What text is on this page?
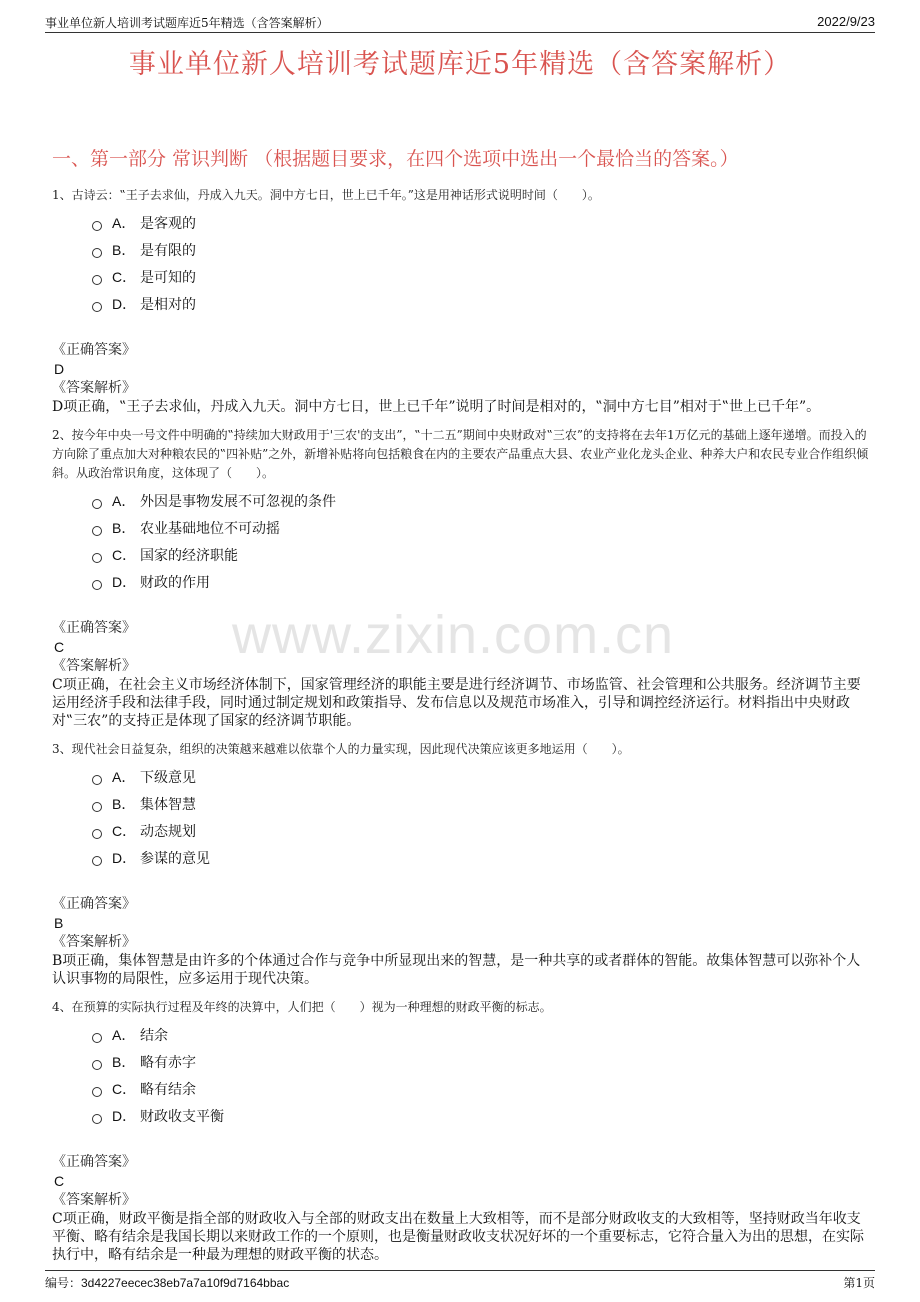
事业单位新人培训考试题库近5年精选（含答案解析）	2022/9/23
事业单位新人培训考试题库近5年精选（含答案解析）
一、第一部分 常识判断 （根据题目要求，在四个选项中选出一个最恰当的答案。）
www.zixin.com.cn
1、古诗云：‟王子去求仙，丹成入九天。洞中方七日，世上已千年。”这是用神话形式说明时间（　　）。
A． 是客观的
B． 是有限的
C． 是可知的
D． 是相对的
《正确答案》
D
《答案解析》
D项正确，‟王子去求仙，丹成入九天。洞中方七日，世上已千年”说明了时间是相对的，‟洞中方七目”相对于‟世上已千年”。
2、按今年中央一号文件中明确的‟持续加大财政用于'三农'的支出”，‟十二五”期间中央财政对‟三农”的支持将在去年1万亿元的基础上逐年递增。而投入的方向除了重点加大对种粮农民的‟四补贴”之外，新增补贴将向包括粮食在内的主要农产品重点大县、农业产业化龙头企业、种养大户和农民专业合作组织倾斜。从政治常识角度，这体现了（　　）。
A． 外因是事物发展不可忽视的条件
B． 农业基础地位不可动摇
C． 国家的经济职能
D． 财政的作用
《正确答案》
C
《答案解析》
C项正确，在社会主义市场经济体制下，国家管理经济的职能主要是进行经济调节、市场监管、社会管理和公共服务。经济调节主要运用经济手段和法律手段，同时通过制定规划和政策指导、发布信息以及规范市场准入，引导和调控经济运行。材料指出中央财政对‟三农”的支持正是体现了国家的经济调节职能。
3、现代社会日益复杂，组织的决策越来越难以依靠个人的力量实现，因此现代决策应该更多地运用（　　）。
A． 下级意见
B． 集体智慧
C． 动态规划
D． 参谋的意见
《正确答案》
B
《答案解析》
B项正确，集体智慧是由许多的个体通过合作与竞争中所显现出来的智慧，是一种共享的或者群体的智能。故集体智慧可以弥补个人认识事物的局限性，应多运用于现代决策。
4、在预算的实际执行过程及年终的决算中，人们把（　　）视为一种理想的财政平衡的标志。
A． 结余
B． 略有赤字
C． 略有结余
D． 财政收支平衡
《正确答案》
C
《答案解析》
C项正确，财政平衡是指全部的财政收入与全部的财政支出在数量上大致相等，而不是部分财政收支的大致相等，坚持财政当年收支平衡、略有结余是我国长期以来财政工作的一个原则，也是衡量财政收支状况好坏的一个重要标志，它符合量入为出的思想，在实际执行中，略有结余是一种最为理想的财政平衡的状态。
编号：3d4227eecec38eb7a7a10f9d7164bbac	第1页
